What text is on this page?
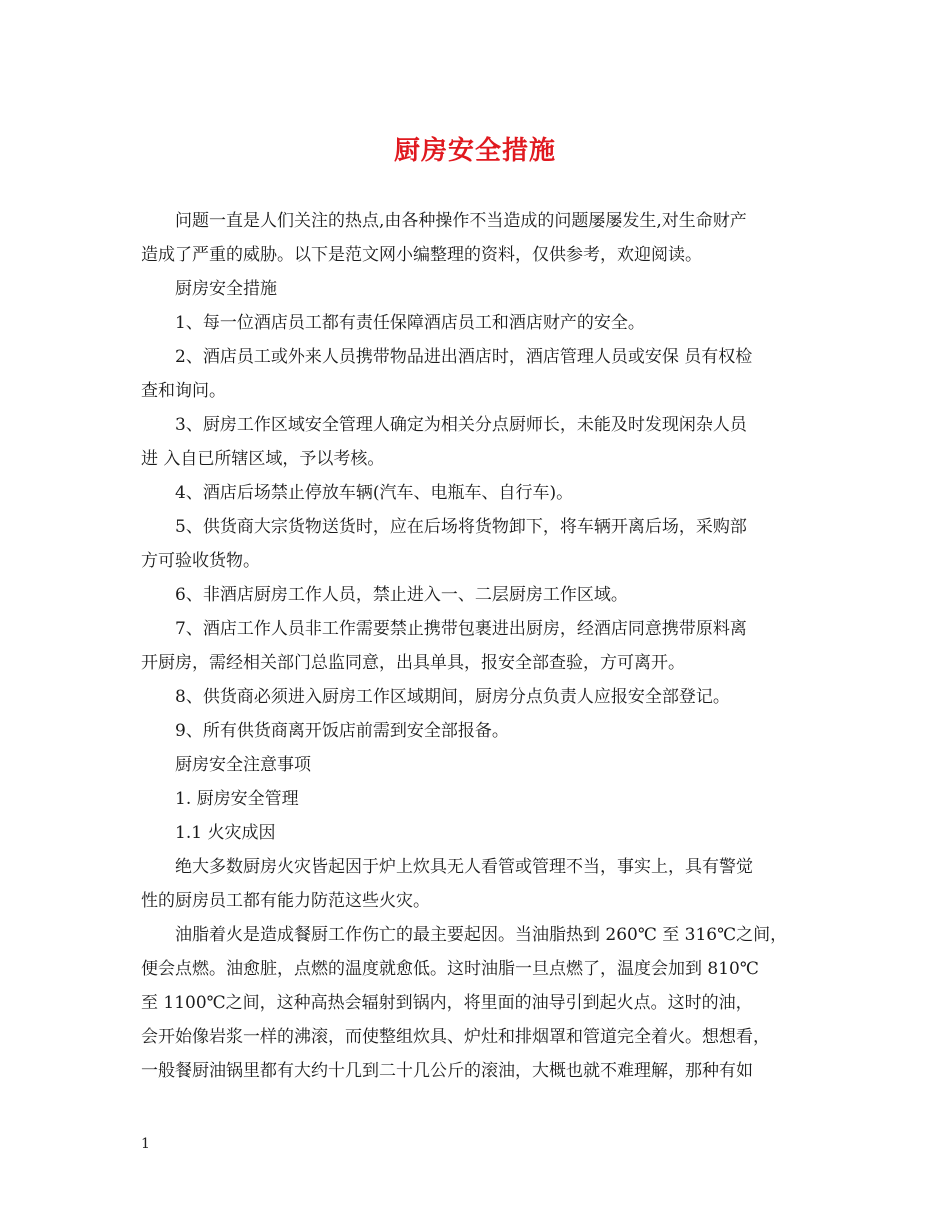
厨房安全措施
问题一直是人们关注的热点,由各种操作不当造成的问题屡屡发生,对生命财产
造成了严重的威胁。以下是范文网小编整理的资料，仅供参考，欢迎阅读。
厨房安全措施
1、每一位酒店员工都有责任保障酒店员工和酒店财产的安全。
2、酒店员工或外来人员携带物品进出酒店时，酒店管理人员或安保 员有权检
查和询问。
3、厨房工作区域安全管理人确定为相关分点厨师长，未能及时发现闲杂人员
进 入自已所辖区域，予以考核。
4、酒店后场禁止停放车辆(汽车、电瓶车、自行车)。
5、供货商大宗货物送货时，应在后场将货物卸下，将车辆开离后场，采购部
方可验收货物。
6、非酒店厨房工作人员，禁止进入一、二层厨房工作区域。
7、酒店工作人员非工作需要禁止携带包裹进出厨房，经酒店同意携带原料离
开厨房，需经相关部门总监同意，出具单具，报安全部查验，方可离开。
8、供货商必须进入厨房工作区域期间，厨房分点负责人应报安全部登记。
9、所有供货商离开饭店前需到安全部报备。
厨房安全注意事项
1. 厨房安全管理
1.1 火灾成因
绝大多数厨房火灾皆起因于炉上炊具无人看管或管理不当，事实上，具有警觉
性的厨房员工都有能力防范这些火灾。
油脂着火是造成餐厨工作伤亡的最主要起因。当油脂热到 260℃ 至 316℃之间，
便会点燃。油愈脏，点燃的温度就愈低。这时油脂一旦点燃了，温度会加到 810℃
至 1100℃之间，这种高热会辐射到锅内，将里面的油导引到起火点。这时的油，
会开始像岩浆一样的沸滚，而使整组炊具、炉灶和排烟罩和管道完全着火。想想看，
一般餐厨油锅里都有大约十几到二十几公斤的滚油，大概也就不难理解，那种有如
1
